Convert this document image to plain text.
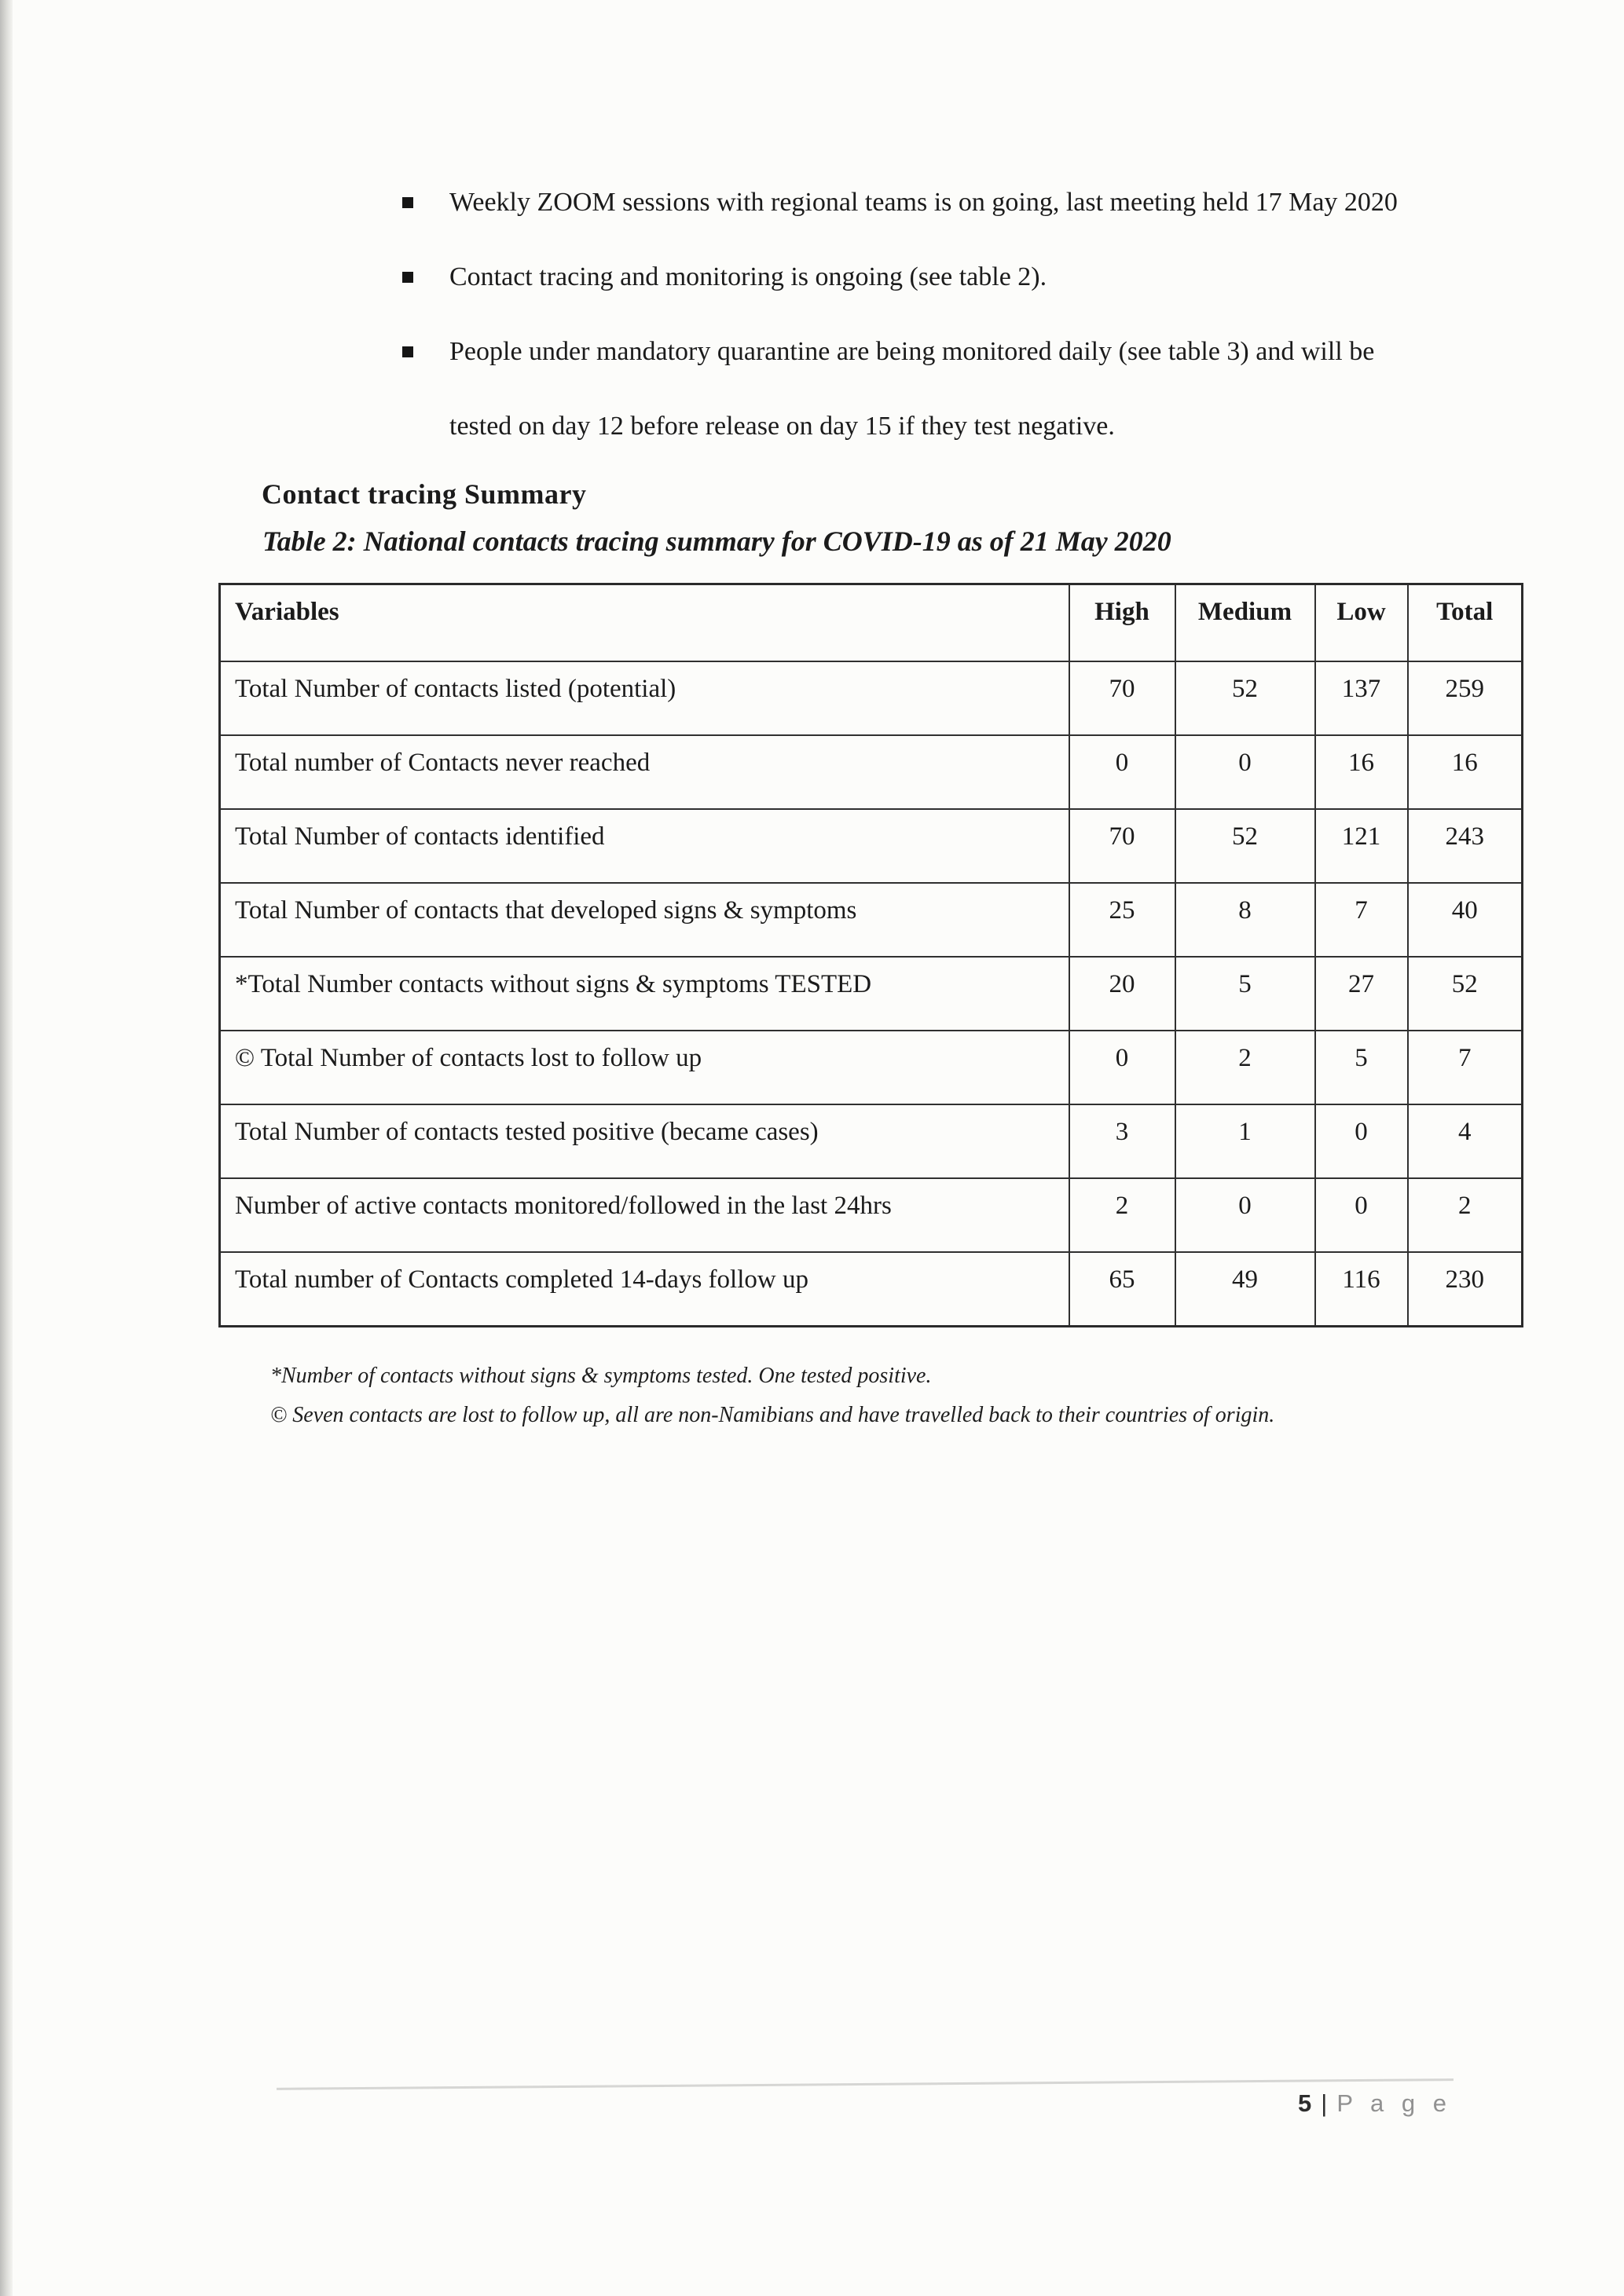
Weekly ZOOM sessions with regional teams is on going, last meeting held 17 May 2020
Contact tracing and monitoring is ongoing (see table 2).
People under mandatory quarantine are being monitored daily (see table 3) and will be tested on day 12 before release on day 15 if they test negative.
Contact tracing Summary
Table 2: National contacts tracing summary for COVID-19 as of 21 May 2020
Variables	High	Medium	Low	Total
Total Number of contacts listed (potential)	70	52	137	259
Total number of Contacts never reached	0	0	16	16
Total Number of contacts identified	70	52	121	243
Total Number of contacts that developed signs & symptoms	25	8	7	40
*Total Number contacts without signs & symptoms TESTED	20	5	27	52
© Total Number of contacts lost to follow up	0	2	5	7
Total Number of contacts tested positive (became cases)	3	1	0	4
Number of active contacts monitored/followed in the last 24hrs	2	0	0	2
Total number of Contacts completed 14-days follow up	65	49	116	230
*Number of contacts without signs & symptoms tested. One tested positive.
© Seven contacts are lost to follow up, all are non-Namibians and have travelled back to their countries of origin.
5 | P a g e
